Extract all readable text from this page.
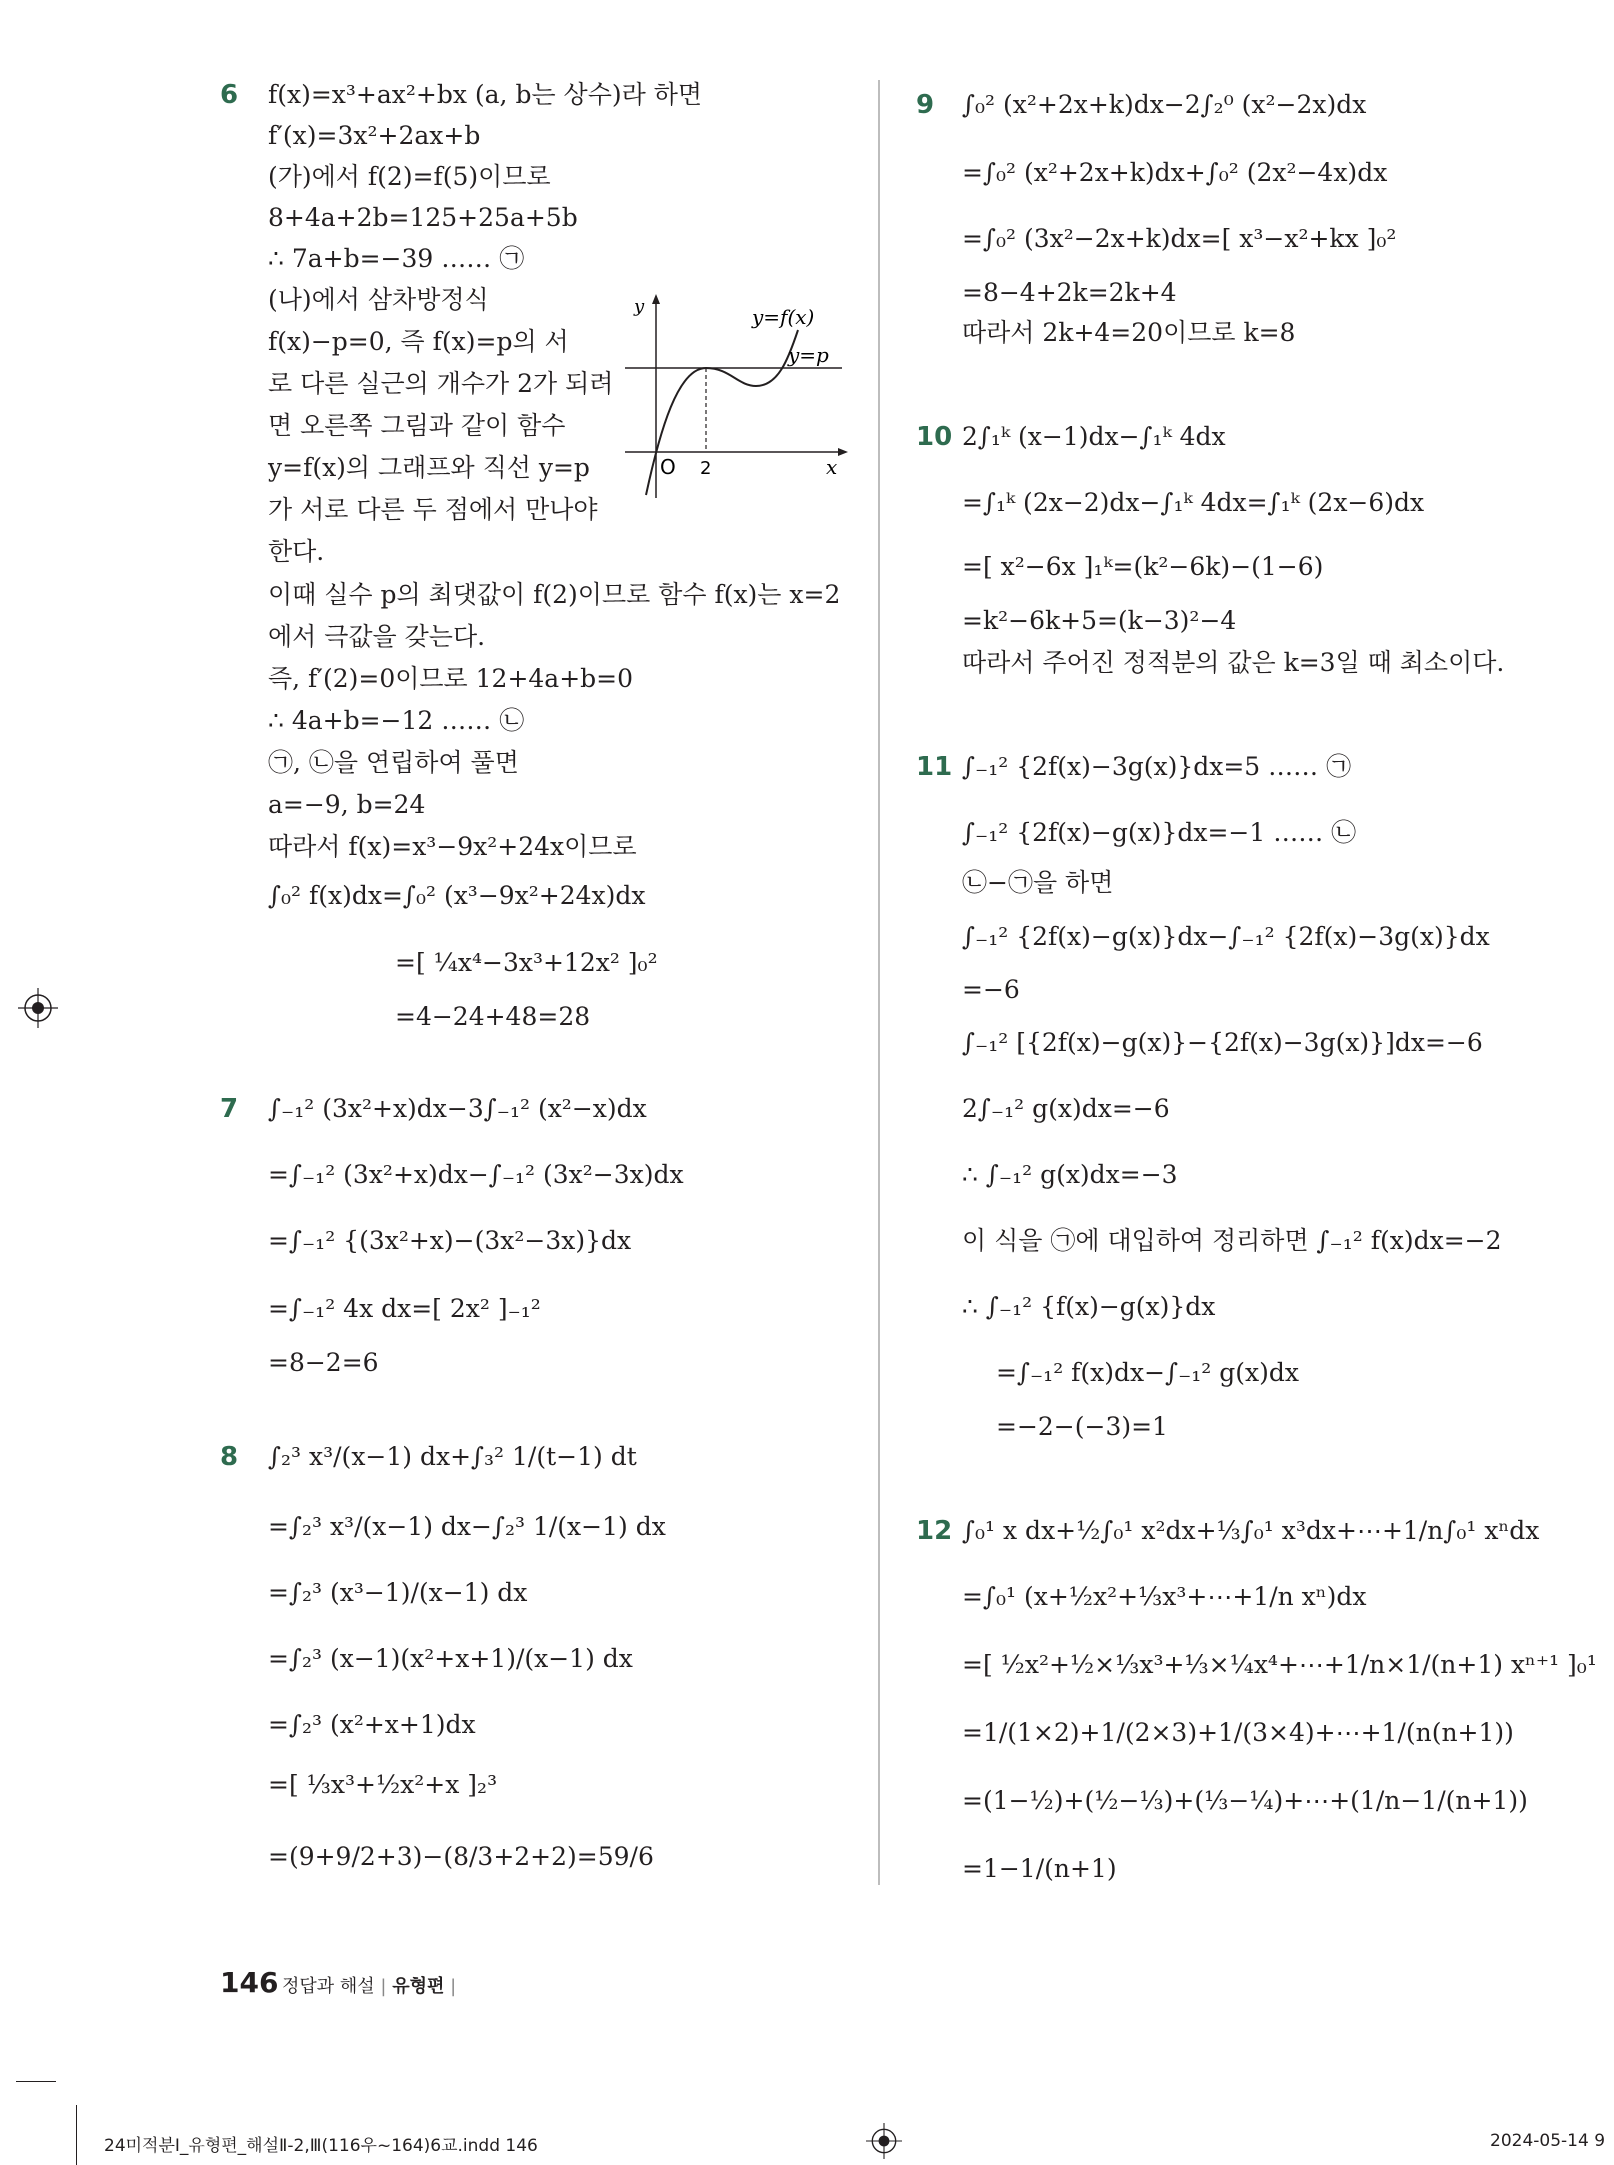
6 f(x)=x³+ax²+bx (a, b는 상수)라 하면
f′(x)=3x²+2ax+b
(가)에서 f(2)=f(5)이므로
8+4a+2b=125+25a+5b
∴ 7a+b=−39 …… ㉠
(나)에서 삼차방정식
f(x)−p=0, 즉 f(x)=p의 서
로 다른 실근의 개수가 2가 되려
면 오른쪽 그림과 같이 함수
y=f(x)의 그래프와 직선 y=p
가 서로 다른 두 점에서 만나야
한다.
이때 실수 p의 최댓값이 f(2)이므로 함수 f(x)는 x=2
에서 극값을 갖는다.
즉, f′(2)=0이므로 12+4a+b=0
∴ 4a+b=−12 …… ㉡
㉠, ㉡을 연립하여 풀면
a=−9, b=24
따라서 f(x)=x³−9x²+24x이므로
∫₀² f(x)dx=∫₀² (x³−9x²+24x)dx
=[ ¼x⁴−3x³+12x² ]₀²
=4−24+48=28
y	y=f(x)
y=p
O 2	x
7 ∫₋₁² (3x²+x)dx−3∫₋₁² (x²−x)dx
=∫₋₁² (3x²+x)dx−∫₋₁² (3x²−3x)dx
=∫₋₁² {(3x²+x)−(3x²−3x)}dx
=∫₋₁² 4x dx=[ 2x² ]₋₁²
=8−2=6
8 ∫₂³ x³/(x−1) dx+∫₃² 1/(t−1) dt
=∫₂³ x³/(x−1) dx−∫₂³ 1/(x−1) dx
=∫₂³ (x³−1)/(x−1) dx
=∫₂³ (x−1)(x²+x+1)/(x−1) dx
=∫₂³ (x²+x+1)dx
=[ ⅓x³+½x²+x ]₂³
=(9+9/2+3)−(8/3+2+2)=59/6
9 ∫₀² (x²+2x+k)dx−2∫₂⁰ (x²−2x)dx
=∫₀² (x²+2x+k)dx+∫₀² (2x²−4x)dx
=∫₀² (3x²−2x+k)dx=[ x³−x²+kx ]₀²
=8−4+2k=2k+4
따라서 2k+4=20이므로 k=8
10 2∫₁ᵏ (x−1)dx−∫₁ᵏ 4dx
=∫₁ᵏ (2x−2)dx−∫₁ᵏ 4dx=∫₁ᵏ (2x−6)dx
=[ x²−6x ]₁ᵏ=(k²−6k)−(1−6)
=k²−6k+5=(k−3)²−4
따라서 주어진 정적분의 값은 k=3일 때 최소이다.
11 ∫₋₁² {2f(x)−3g(x)}dx=5 …… ㉠
∫₋₁² {2f(x)−g(x)}dx=−1 …… ㉡
㉡−㉠을 하면
∫₋₁² {2f(x)−g(x)}dx−∫₋₁² {2f(x)−3g(x)}dx
=−6
∫₋₁² [{2f(x)−g(x)}−{2f(x)−3g(x)}]dx=−6
2∫₋₁² g(x)dx=−6
∴ ∫₋₁² g(x)dx=−3
이 식을 ㉠에 대입하여 정리하면 ∫₋₁² f(x)dx=−2
∴ ∫₋₁² {f(x)−g(x)}dx
=∫₋₁² f(x)dx−∫₋₁² g(x)dx
=−2−(−3)=1
12 ∫₀¹ x dx+½∫₀¹ x²dx+⅓∫₀¹ x³dx+⋯+1/n∫₀¹ xⁿdx
=∫₀¹ (x+½x²+⅓x³+⋯+1/n xⁿ)dx
=[ ½x²+½×⅓x³+⅓×¼x⁴+⋯+1/n×1/(n+1) xⁿ⁺¹ ]₀¹
=1/(1×2)+1/(2×3)+1/(3×4)+⋯+1/(n(n+1))
=(1−½)+(½−⅓)+(⅓−¼)+⋯+(1/n−1/(n+1))
=1−1/(n+1)
146 정답과 해설 | 유형편 |
24미적분Ⅰ_유형편_해설Ⅱ-2,Ⅲ(116우~164)6교.indd 146	2024-05-14 9
